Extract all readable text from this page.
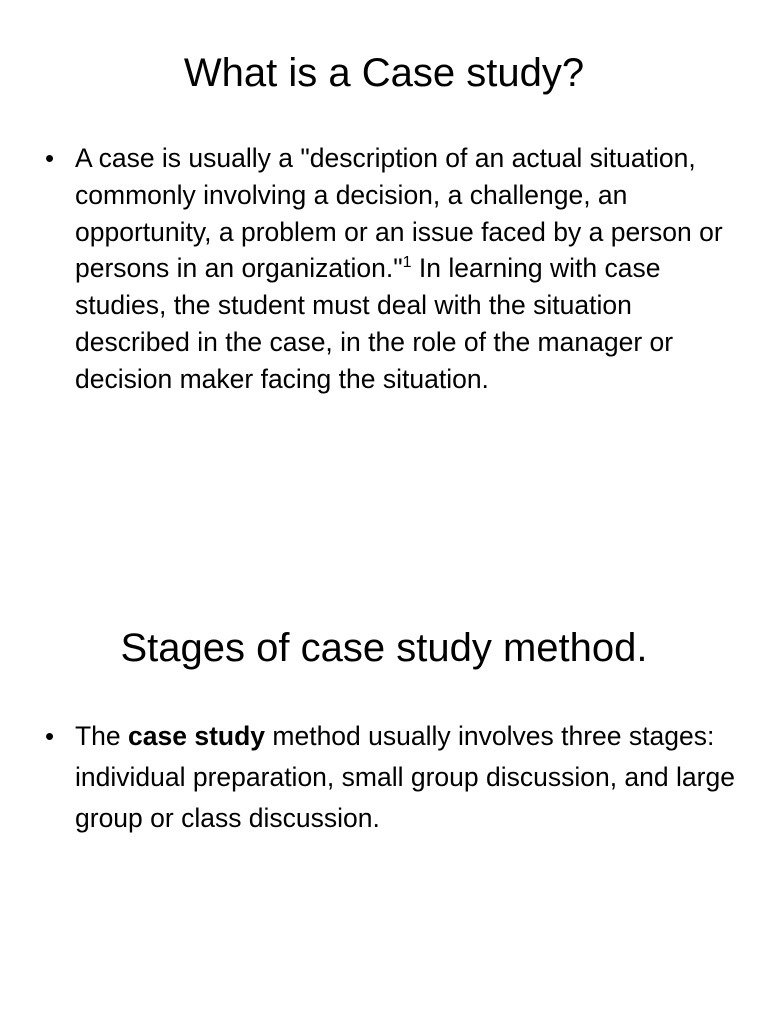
What is a Case study?
• A case is usually a "description of an actual situation, commonly involving a decision, a challenge, an opportunity, a problem or an issue faced by a person or persons in an organization."$^1$ In learning with case studies, the student must deal with the situation described in the case, in the role of the manager or decision maker facing the situation.
Stages of case study method.
• The case study method usually involves three stages: individual preparation, small group discussion, and large group or class discussion.
